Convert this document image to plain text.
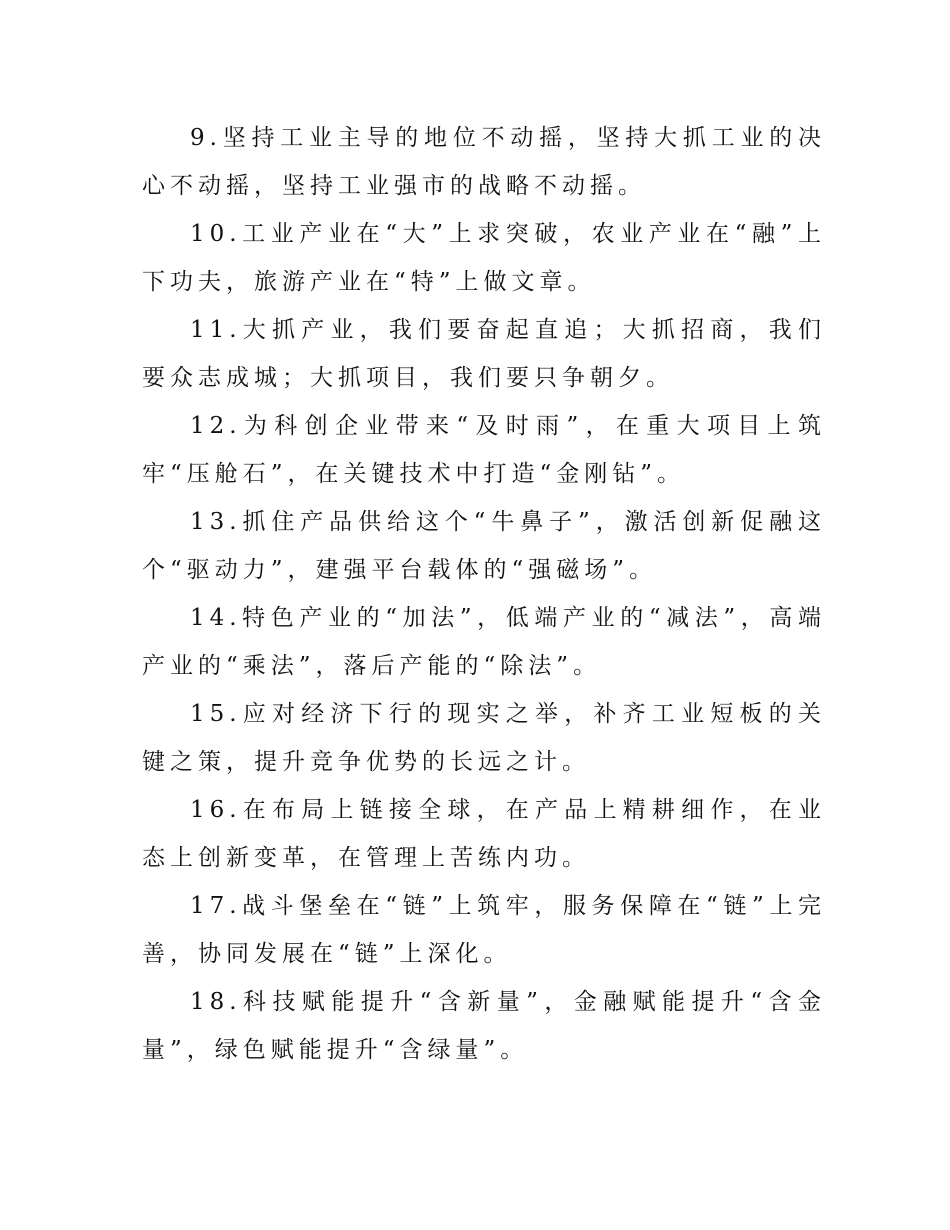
9.坚持工业主导的地位不动摇，坚持大抓工业的决心不动摇，坚持工业强市的战略不动摇。

10.工业产业在“大”上求突破，农业产业在“融”上下功夫，旅游产业在“特”上做文章。

11.大抓产业，我们要奋起直追；大抓招商，我们要众志成城；大抓项目，我们要只争朝夕。

12.为科创企业带来“及时雨”，在重大项目上筑牢“压舱石”，在关键技术中打造“金刚钻”。

13.抓住产品供给这个“牛鼻子”，激活创新促融这个“驱动力”，建强平台载体的“强磁场”。

14.特色产业的“加法”，低端产业的“减法”，高端产业的“乘法”，落后产能的“除法”。

15.应对经济下行的现实之举，补齐工业短板的关键之策，提升竞争优势的长远之计。

16.在布局上链接全球，在产品上精耕细作，在业态上创新变革，在管理上苦练内功。

17.战斗堡垒在“链”上筑牢，服务保障在“链”上完善，协同发展在“链”上深化。

18.科技赋能提升“含新量”，金融赋能提升“含金量”，绿色赋能提升“含绿量”。
